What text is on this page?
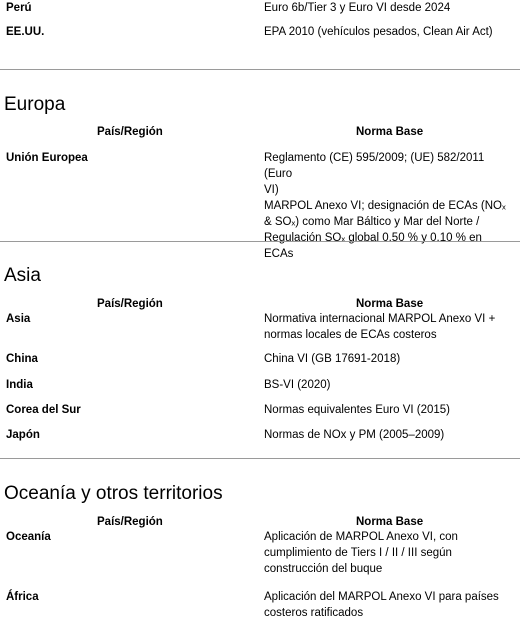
Perú	Euro 6b/Tier 3 y Euro VI desde 2024
EE.UU.	EPA 2010 (vehículos pesados, Clean Air Act)
Europa
País/Región	Norma Base
Unión Europea	Reglamento (CE) 595/2009; (UE) 582/2011 (Euro
VI)
MARPOL Anexo VI; designación de ECAs (NOₓ
& SOₓ) como Mar Báltico y Mar del Norte /
Regulación SOₓ global 0.50 % y 0.10 % en ECAs
Asia
País/Región	Norma Base
Asia	Normativa internacional MARPOL Anexo VI +
normas locales de ECAs costeros
China	China VI (GB 17691-2018)
India	BS-VI (2020)
Corea del Sur	Normas equivalentes Euro VI (2015)
Japón	Normas de NOx y PM (2005–2009)
Oceanía y otros territorios
País/Región	Norma Base
Oceanía	Aplicación de MARPOL Anexo VI, con
cumplimiento de Tiers I / II / III según
construcción del buque
África	Aplicación del MARPOL Anexo VI para países
costeros ratificados
